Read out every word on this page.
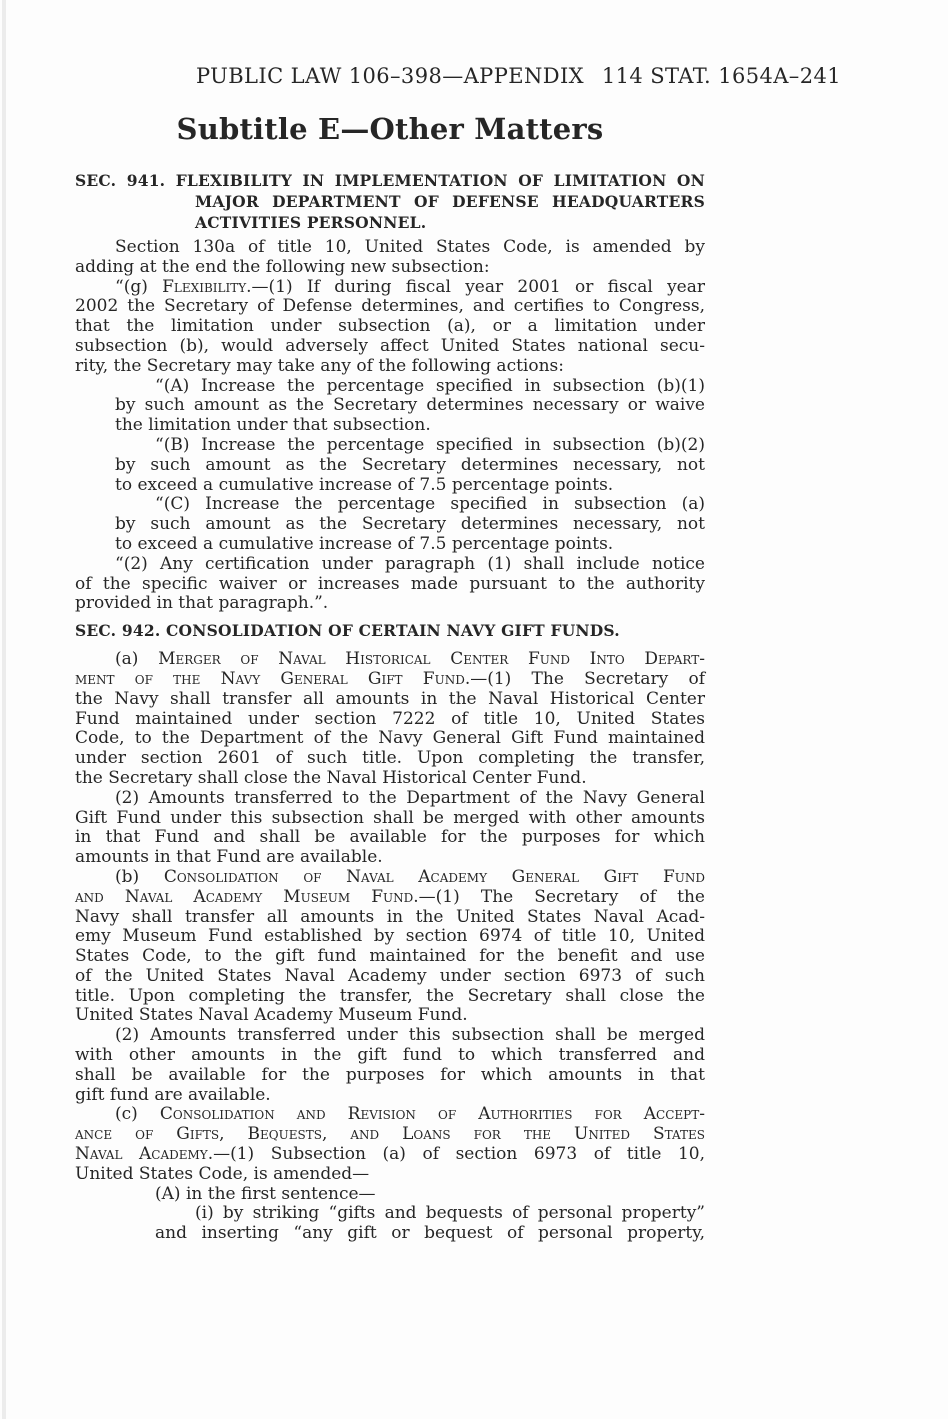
PUBLIC LAW 106–398—APPENDIX 114 STAT. 1654A–241
Subtitle E—Other Matters
SEC. 941. FLEXIBILITY IN IMPLEMENTATION OF LIMITATION ON
MAJOR DEPARTMENT OF DEFENSE HEADQUARTERS
ACTIVITIES PERSONNEL.
Section 130a of title 10, United States Code, is amended by
adding at the end the following new subsection:
“(g) Flexibility.—(1) If during fiscal year 2001 or fiscal year
2002 the Secretary of Defense determines, and certifies to Congress,
that the limitation under subsection (a), or a limitation under
subsection (b), would adversely affect United States national secu-
rity, the Secretary may take any of the following actions:
“(A) Increase the percentage specified in subsection (b)(1)
by such amount as the Secretary determines necessary or waive
the limitation under that subsection.
“(B) Increase the percentage specified in subsection (b)(2)
by such amount as the Secretary determines necessary, not
to exceed a cumulative increase of 7.5 percentage points.
“(C) Increase the percentage specified in subsection (a)
by such amount as the Secretary determines necessary, not
to exceed a cumulative increase of 7.5 percentage points.
“(2) Any certification under paragraph (1) shall include notice
of the specific waiver or increases made pursuant to the authority
provided in that paragraph.”.
SEC. 942. CONSOLIDATION OF CERTAIN NAVY GIFT FUNDS.
(a) Merger of Naval Historical Center Fund Into Depart-
ment of the Navy General Gift Fund.—(1) The Secretary of
the Navy shall transfer all amounts in the Naval Historical Center
Fund maintained under section 7222 of title 10, United States
Code, to the Department of the Navy General Gift Fund maintained
under section 2601 of such title. Upon completing the transfer,
the Secretary shall close the Naval Historical Center Fund.
(2) Amounts transferred to the Department of the Navy General
Gift Fund under this subsection shall be merged with other amounts
in that Fund and shall be available for the purposes for which
amounts in that Fund are available.
(b) Consolidation of Naval Academy General Gift Fund
and Naval Academy Museum Fund.—(1) The Secretary of the
Navy shall transfer all amounts in the United States Naval Acad-
emy Museum Fund established by section 6974 of title 10, United
States Code, to the gift fund maintained for the benefit and use
of the United States Naval Academy under section 6973 of such
title. Upon completing the transfer, the Secretary shall close the
United States Naval Academy Museum Fund.
(2) Amounts transferred under this subsection shall be merged
with other amounts in the gift fund to which transferred and
shall be available for the purposes for which amounts in that
gift fund are available.
(c) Consolidation and Revision of Authorities for Accept-
ance of Gifts, Bequests, and Loans for the United States
Naval Academy.—(1) Subsection (a) of section 6973 of title 10,
United States Code, is amended—
(A) in the first sentence—
(i) by striking “gifts and bequests of personal property”
and inserting “any gift or bequest of personal property,
